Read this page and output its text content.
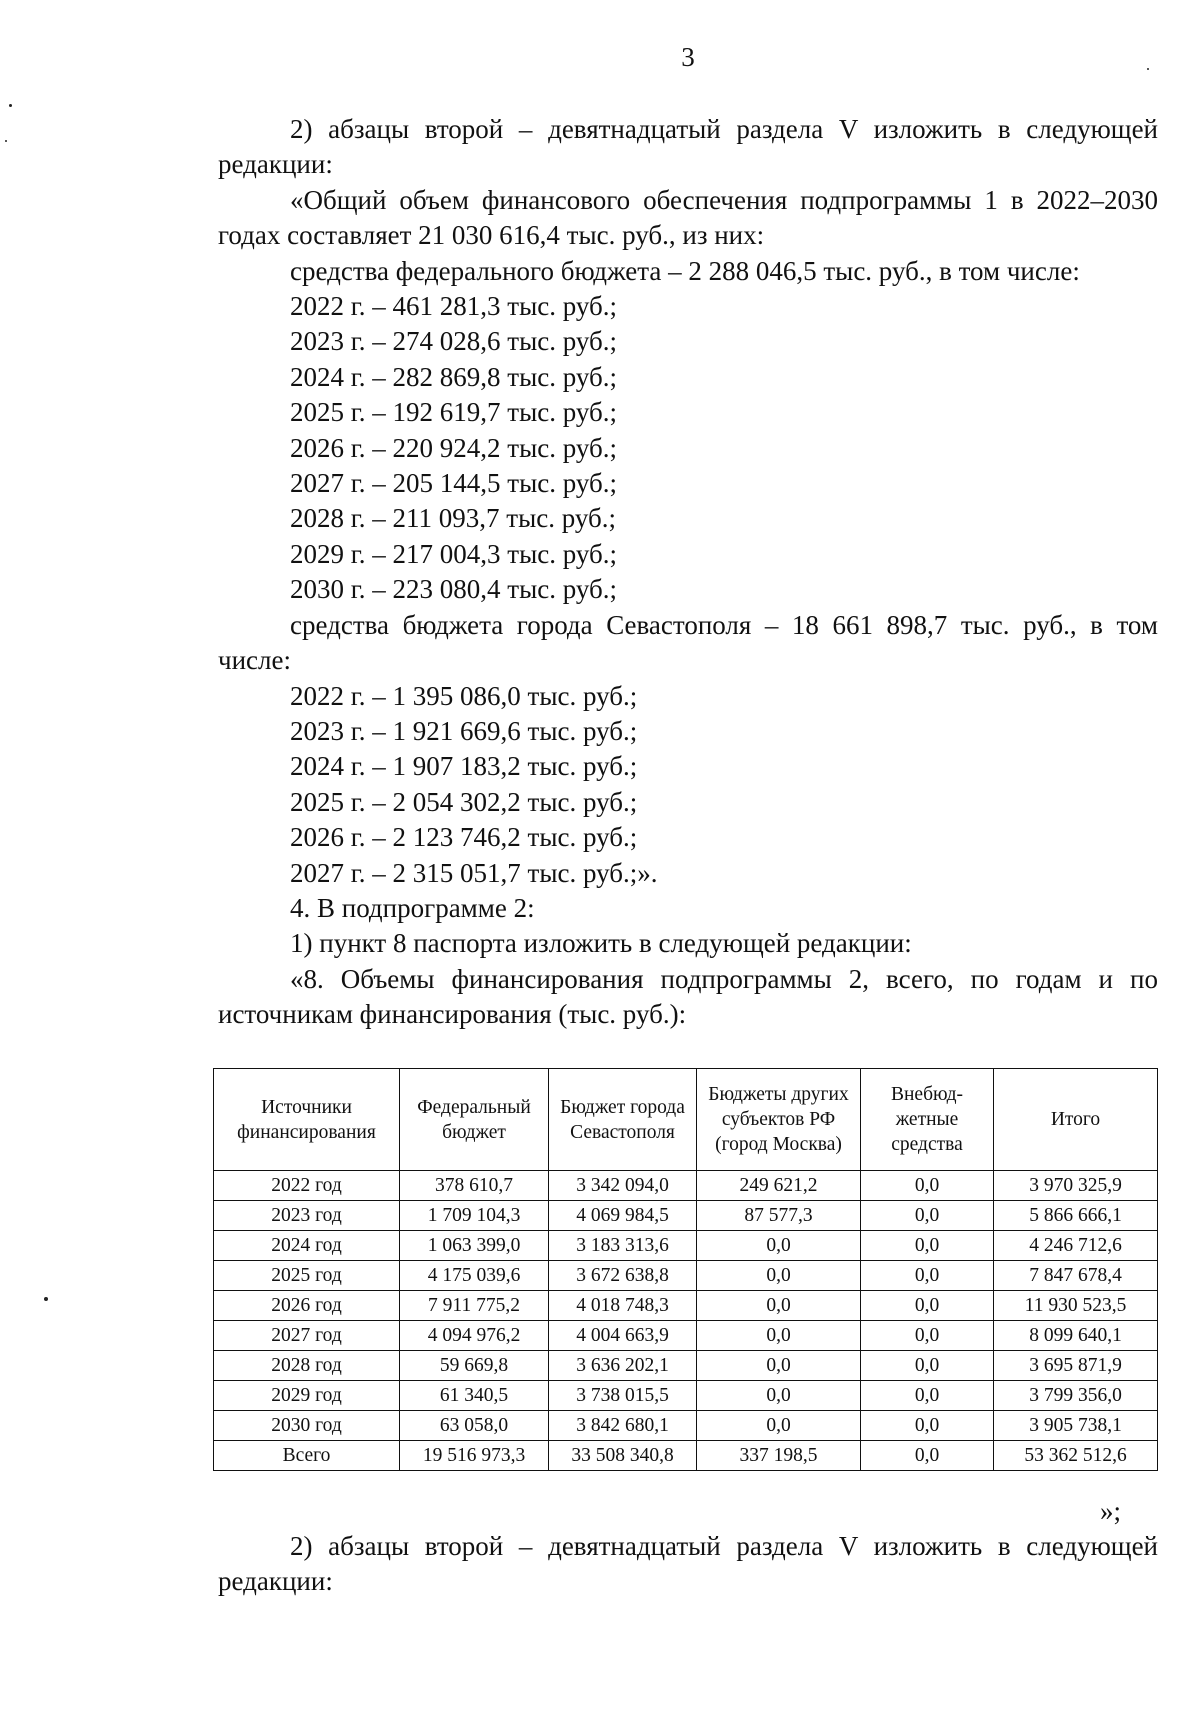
3

2) абзацы второй – девятнадцатый раздела V изложить в следующей редакции:

«Общий объем финансового обеспечения подпрограммы 1 в 2022–2030 годах составляет 21 030 616,4 тыс. руб., из них:

средства федерального бюджета – 2 288 046,5 тыс. руб., в том числе:

2022 г. – 461 281,3 тыс. руб.;

2023 г. – 274 028,6 тыс. руб.;

2024 г. – 282 869,8 тыс. руб.;

2025 г. – 192 619,7 тыс. руб.;

2026 г. – 220 924,2 тыс. руб.;

2027 г. – 205 144,5 тыс. руб.;

2028 г. – 211 093,7 тыс. руб.;

2029 г. – 217 004,3 тыс. руб.;

2030 г. – 223 080,4 тыс. руб.;

средства бюджета города Севастополя – 18 661 898,7 тыс. руб., в том числе:

2022 г. – 1 395 086,0 тыс. руб.;

2023 г. – 1 921 669,6 тыс. руб.;

2024 г. – 1 907 183,2 тыс. руб.;

2025 г. – 2 054 302,2 тыс. руб.;

2026 г. – 2 123 746,2 тыс. руб.;

2027 г. – 2 315 051,7 тыс. руб.;».

4. В подпрограмме 2:

1) пункт 8 паспорта изложить в следующей редакции:

«8. Объемы финансирования подпрограммы 2, всего, по годам и по источникам финансирования (тыс. руб.):

Источники финансирования	Федеральный бюджет	Бюджет города Севастополя	Бюджеты других субъектов РФ (город Москва)	Внебюд-жетные средства	Итого
2022 год	378 610,7	3 342 094,0	249 621,2	0,0	3 970 325,9
2023 год	1 709 104,3	4 069 984,5	87 577,3	0,0	5 866 666,1
2024 год	1 063 399,0	3 183 313,6	0,0	0,0	4 246 712,6
2025 год	4 175 039,6	3 672 638,8	0,0	0,0	7 847 678,4
2026 год	7 911 775,2	4 018 748,3	0,0	0,0	11 930 523,5
2027 год	4 094 976,2	4 004 663,9	0,0	0,0	8 099 640,1
2028 год	59 669,8	3 636 202,1	0,0	0,0	3 695 871,9
2029 год	61 340,5	3 738 015,5	0,0	0,0	3 799 356,0
2030 год	63 058,0	3 842 680,1	0,0	0,0	3 905 738,1
Всего	19 516 973,3	33 508 340,8	337 198,5	0,0	53 362 512,6
»;

2) абзацы второй – девятнадцатый раздела V изложить в следующей редакции:
